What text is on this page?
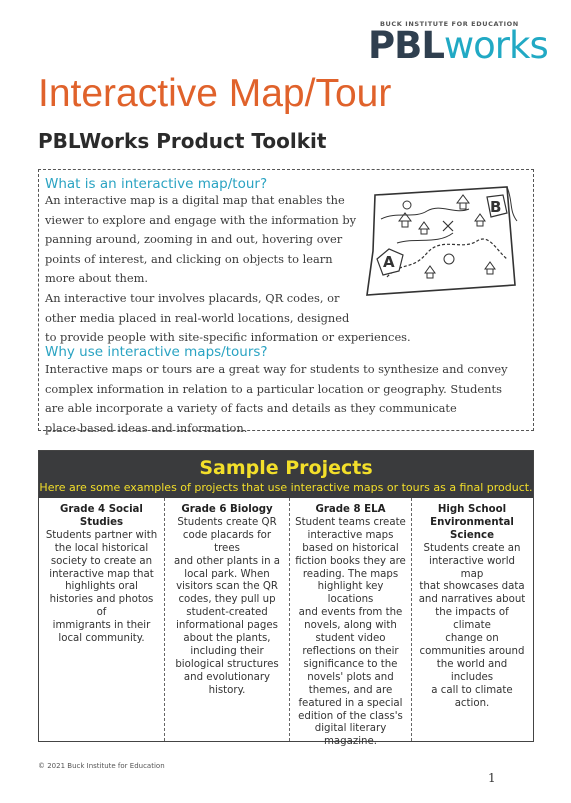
BUCK INSTITUTE FOR EDUCATION
PBLworks
Interactive Map/Tour
PBLWorks Product Toolkit
What is an interactive map/tour?
An interactive map is a digital map that enables the
viewer to explore and engage with the information by
panning around, zooming in and out, hovering over
points of interest, and clicking on objects to learn
more about them.
An interactive tour involves placards, QR codes, or
other media placed in real-world locations, designed
to provide people with site-specific information or experiences.
Why use interactive maps/tours?
Interactive maps or tours are a great way for students to synthesize and convey
complex information in relation to a particular location or geography. Students
are able incorporate a variety of facts and details as they communicate
place-based ideas and information.
A
B
Sample Projects
Here are some examples of projects that use interactive maps or tours as a final product.
Grade 4 Social
Studies
Students partner with
the local historical
society to create an
interactive map that
highlights oral
histories and photos of
immigrants in their
local community.
Grade 6 Biology
Students create QR
code placards for trees
and other plants in a
local park. When
visitors scan the QR
codes, they pull up
student-created
informational pages
about the plants,
including their
biological structures
and evolutionary
history.
Grade 8 ELA
Student teams create
interactive maps
based on historical
fiction books they are
reading. The maps
highlight key locations
and events from the
novels, along with
student video
reflections on their
significance to the
novels' plots and
themes, and are
featured in a special
edition of the class's
digital literary
magazine.
High School
Environmental
Science
Students create an
interactive world map
that showcases data
and narratives about
the impacts of climate
change on
communities around
the world and includes
a call to climate action.
© 2021 Buck Institute for Education
1
